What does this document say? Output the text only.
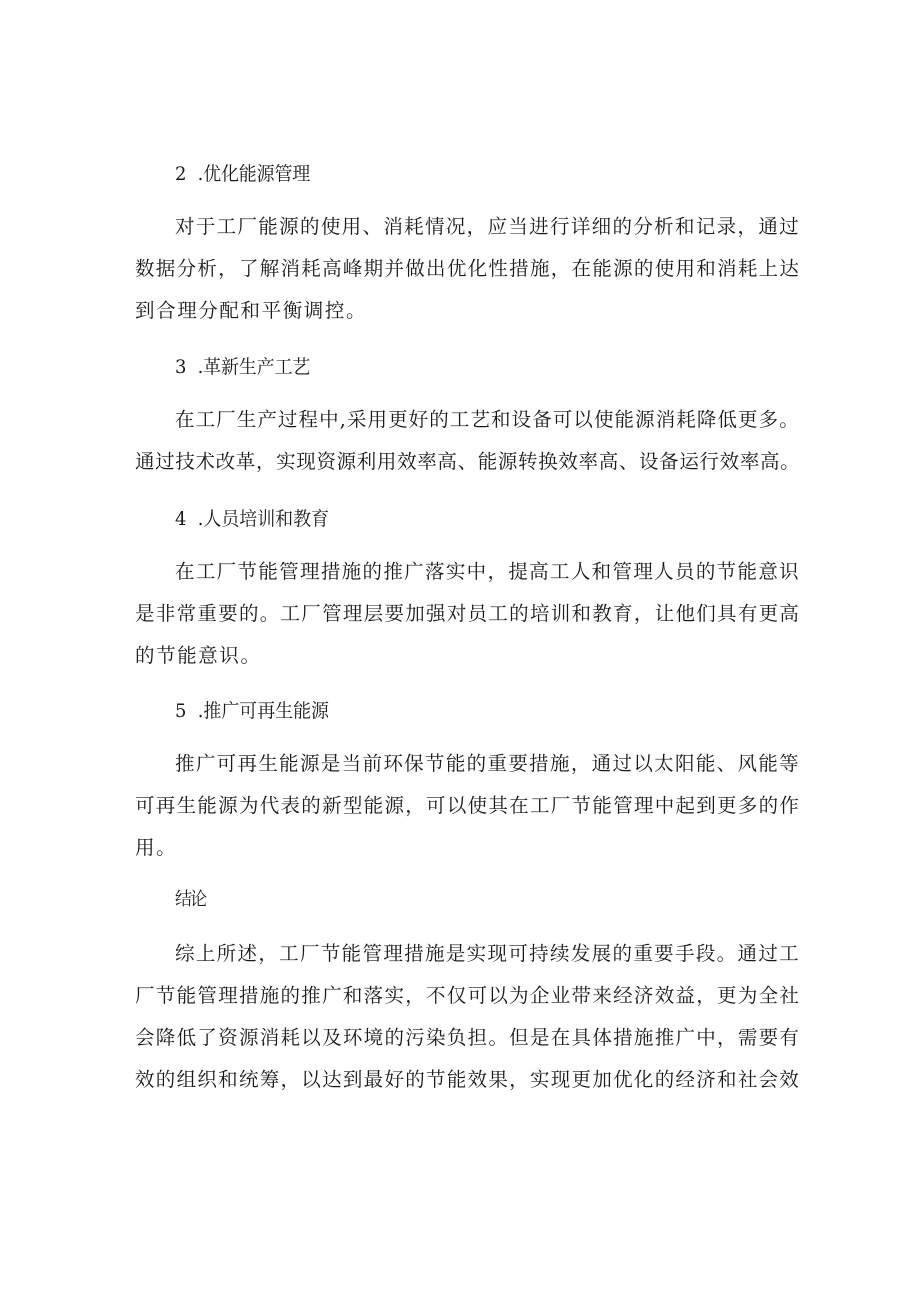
2 .优化能源管理
对于工厂能源的使用、消耗情况，应当进行详细的分析和记录，通过
数据分析，了解消耗高峰期并做出优化性措施，在能源的使用和消耗上达
到合理分配和平衡调控。
3 .革新生产工艺
在工厂生产过程中,采用更好的工艺和设备可以使能源消耗降低更多。
通过技术改革，实现资源利用效率高、能源转换效率高、设备运行效率高。
4 .人员培训和教育
在工厂节能管理措施的推广落实中，提高工人和管理人员的节能意识
是非常重要的。工厂管理层要加强对员工的培训和教育，让他们具有更高
的节能意识。
5 .推广可再生能源
推广可再生能源是当前环保节能的重要措施，通过以太阳能、风能等
可再生能源为代表的新型能源，可以使其在工厂节能管理中起到更多的作
用。
结论
综上所述，工厂节能管理措施是实现可持续发展的重要手段。通过工
厂节能管理措施的推广和落实，不仅可以为企业带来经济效益，更为全社
会降低了资源消耗以及环境的污染负担。但是在具体措施推广中，需要有
效的组织和统筹，以达到最好的节能效果，实现更加优化的经济和社会效
